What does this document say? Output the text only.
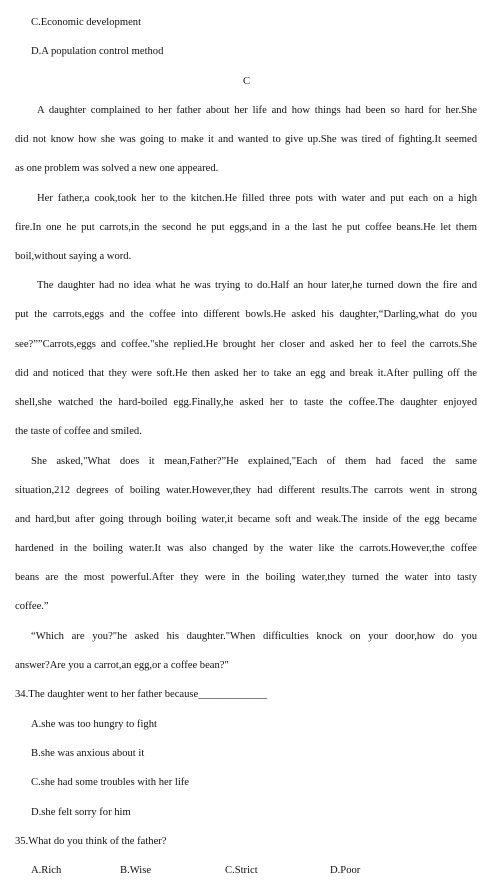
C.Economic development
D.A population control method
C
A daughter complained to her father about her life and how things had been so hard for her.She
did not know how she was going to make it and wanted to give up.She was tired of fighting.It seemed
as one problem was solved a new one appeared.
Her father,a cook,took her to the kitchen.He filled three pots with water and put each on a high
fire.In one he put carrots,in the second he put eggs,and in a the last he put coffee beans.He let them
boil,without saying a word.
The daughter had no idea what he was trying to do.Half an hour later,he turned down the fire and
put the carrots,eggs and the coffee into different bowls.He asked his daughter,“Darling,what do you
see?””Carrots,eggs and coffee."she replied.He brought her closer and asked her to feel the carrots.She
did and noticed that they were soft.He then asked her to take an egg and break it.After pulling off the
shell,she watched the hard-boiled egg.Finally,he asked her to taste the coffee.The daughter enjoyed
the taste of coffee and smiled.
She asked,"What does it mean,Father?”He explained,"Each of them had faced the same
situation,212 degrees of boiling water.However,they had different results.The carrots went in strong
and hard,but after going through boiling water,it became soft and weak.The inside of the egg became
hardened in the boiling water.It was also changed by the water like the carrots.However,the coffee
beans are the most powerful.After they were in the boiling water,they turned the water into tasty
coffee.”
“Which are you?"he asked his daughter."When difficulties knock on your door,how do you
answer?Are you a carrot,an egg,or a coffee bean?"
34.The daughter went to her father because_____________
A.she was too hungry to fight
B.she was anxious about it
C.she had some troubles with her life
D.she felt sorry for him
35.What do you think of the father?
A.Rich	B.Wise	C.Strict	D.Poor
